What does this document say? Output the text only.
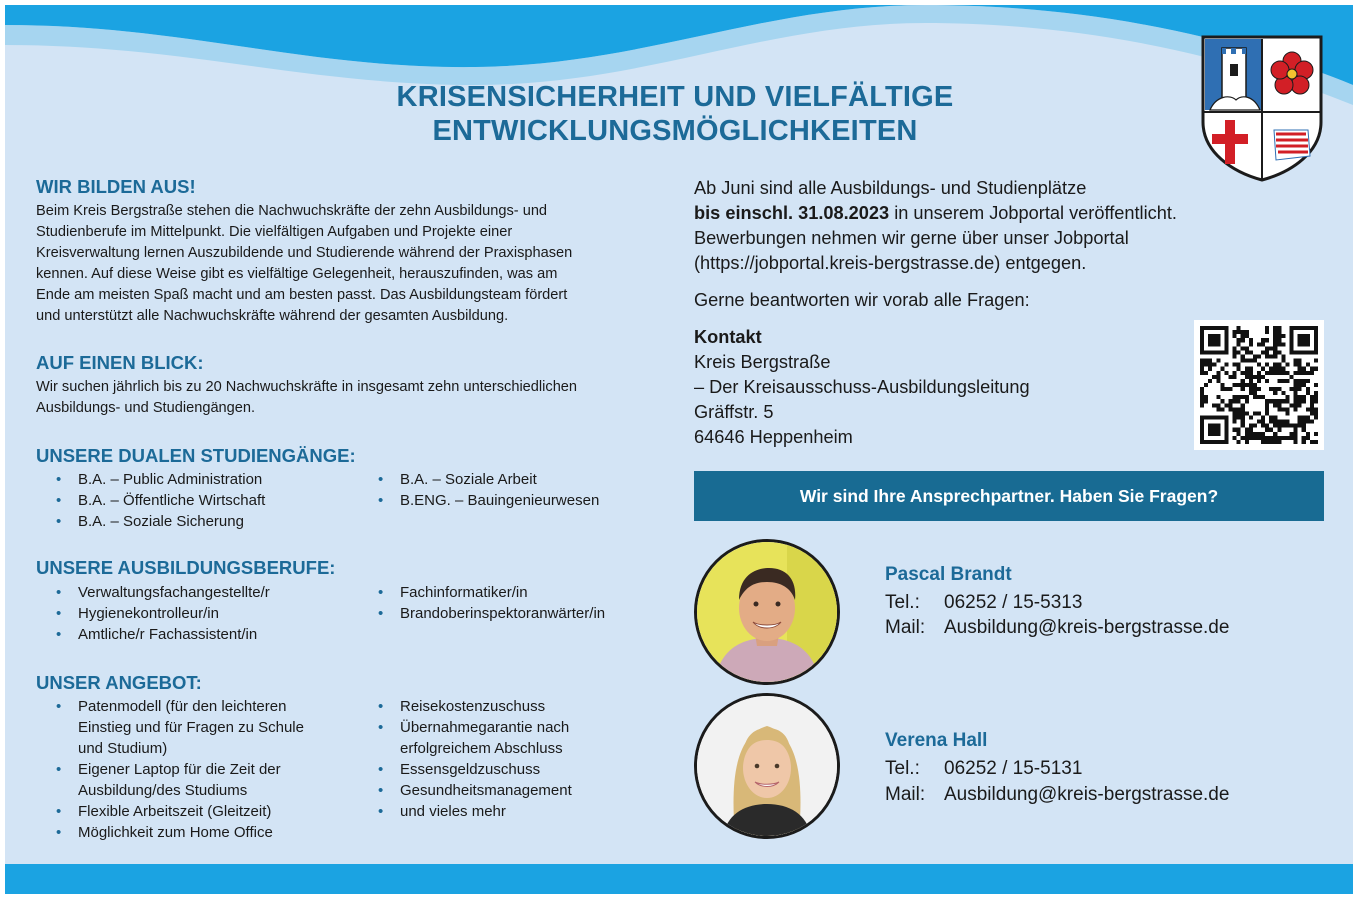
KRISENSICHERHEIT UND VIELFÄLTIGE
ENTWICKLUNGSMÖGLICHKEITEN
WIR BILDEN AUS!
Beim Kreis Bergstraße stehen die Nachwuchskräfte der zehn Ausbildungs- und
Studienberufe im Mittelpunkt. Die vielfältigen Aufgaben und Projekte einer
Kreisverwaltung lernen Auszubildende und Studierende während der Praxisphasen
kennen. Auf diese Weise gibt es vielfältige Gelegenheit, herauszufinden, was am
Ende am meisten Spaß macht und am besten passt. Das Ausbildungsteam fördert
und unterstützt alle Nachwuchskräfte während der gesamten Ausbildung.
AUF EINEN BLICK:
Wir suchen jährlich bis zu 20 Nachwuchskräfte in insgesamt zehn unterschiedlichen
Ausbildungs- und Studiengängen.
UNSERE DUALEN STUDIENGÄNGE:
• B.A. – Public Administration
• B.A. – Öffentliche Wirtschaft
• B.A. – Soziale Sicherung
• B.A. – Soziale Arbeit
• B.ENG. – Bauingenieurwesen
UNSERE AUSBILDUNGSBERUFE:
• Verwaltungsfachangestellte/r
• Hygienekontrolleur/in
• Amtliche/r Fachassistent/in
• Fachinformatiker/in
• Brandoberinspektoranwärter/in
UNSER ANGEBOT:
• Patenmodell (für den leichteren
Einstieg und für Fragen zu Schule
und Studium)
• Eigener Laptop für die Zeit der
Ausbildung/des Studiums
• Flexible Arbeitszeit (Gleitzeit)
• Möglichkeit zum Home Office
• Reisekostenzuschuss
• Übernahmegarantie nach
erfolgreichem Abschluss
• Essensgeldzuschuss
• Gesundheitsmanagement
• und vieles mehr
Ab Juni sind alle Ausbildungs- und Studienplätze
bis einschl. 31.08.2023 in unserem Jobportal veröffentlicht.
Bewerbungen nehmen wir gerne über unser Jobportal
(https://jobportal.kreis-bergstrasse.de) entgegen.
Gerne beantworten wir vorab alle Fragen:
Kontakt
Kreis Bergstraße
– Der Kreisausschuss-Ausbildungsleitung
Gräffstr. 5
64646 Heppenheim
Wir sind Ihre Ansprechpartner. Haben Sie Fragen?
Pascal Brandt
Tel.: 06252 / 15-5313
Mail: Ausbildung@kreis-bergstrasse.de
Verena Hall
Tel.: 06252 / 15-5131
Mail: Ausbildung@kreis-bergstrasse.de
